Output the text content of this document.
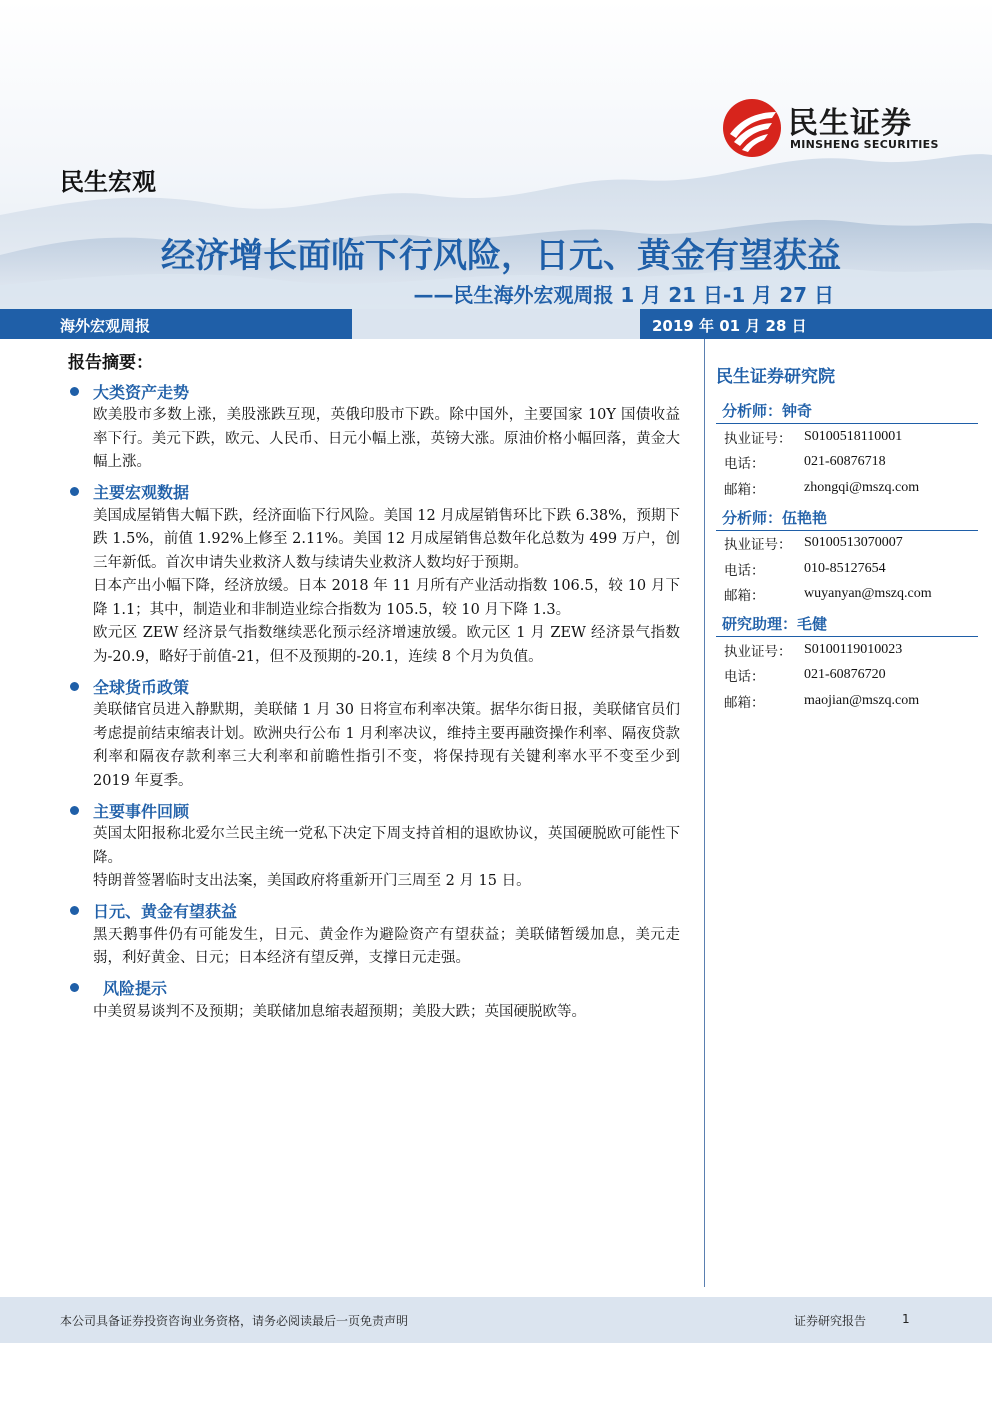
民生证券
MINSHENG SECURITIES
民生宏观
经济增长面临下行风险，日元、黄金有望获益
——民生海外宏观周报 1 月 21 日-1 月 27 日
海外宏观周报	2019 年 01 月 28 日
报告摘要：
大类资产走势

欧美股市多数上涨，美股涨跌互现，英俄印股市下跌。除中国外，主要国家 10Y 国债收益率下行。美元下跌，欧元、人民币、日元小幅上涨，英镑大涨。原油价格小幅回落，黄金大幅上涨。

主要宏观数据

美国成屋销售大幅下跌，经济面临下行风险。美国 12 月成屋销售环比下跌 6.38%，预期下跌 1.5%，前值 1.92%上修至 2.11%。美国 12 月成屋销售总数年化总数为 499 万户，创三年新低。首次申请失业救济人数与续请失业救济人数均好于预期。

日本产出小幅下降，经济放缓。日本 2018 年 11 月所有产业活动指数 106.5，较 10 月下降 1.1；其中，制造业和非制造业综合指数为 105.5，较 10 月下降 1.3。

欧元区 ZEW 经济景气指数继续恶化预示经济增速放缓。欧元区 1 月 ZEW 经济景气指数为-20.9，略好于前值-21，但不及预期的-20.1，连续 8 个月为负值。

全球货币政策

美联储官员进入静默期，美联储 1 月 30 日将宣布利率决策。据华尔街日报，美联储官员们考虑提前结束缩表计划。欧洲央行公布 1 月利率决议，维持主要再融资操作利率、隔夜贷款利率和隔夜存款利率三大利率和前瞻性指引不变，将保持现有关键利率水平不变至少到 2019 年夏季。

主要事件回顾

英国太阳报称北爱尔兰民主统一党私下决定下周支持首相的退欧协议，英国硬脱欧可能性下降。

特朗普签署临时支出法案，美国政府将重新开门三周至 2 月 15 日。

日元、黄金有望获益

黑天鹅事件仍有可能发生，日元、黄金作为避险资产有望获益；美联储暂缓加息，美元走弱，利好黄金、日元；日本经济有望反弹，支撑日元走强。

风险提示

中美贸易谈判不及预期；美联储加息缩表超预期；美股大跌；英国硬脱欧等。

民生证券研究院
分析师：钟奇
执业证号： S0100518110001
电话：	021-60876718
邮箱：	zhongqi@mszq.com
分析师：伍艳艳
执业证号： S0100513070007
电话：	010-85127654
邮箱：	wuyanyan@mszq.com
研究助理：毛健
执业证号： S0100119010023
电话：	021-60876720
邮箱：	maojian@mszq.com
本公司具备证券投资咨询业务资格，请务必阅读最后一页免责声明	证券研究报告	1
